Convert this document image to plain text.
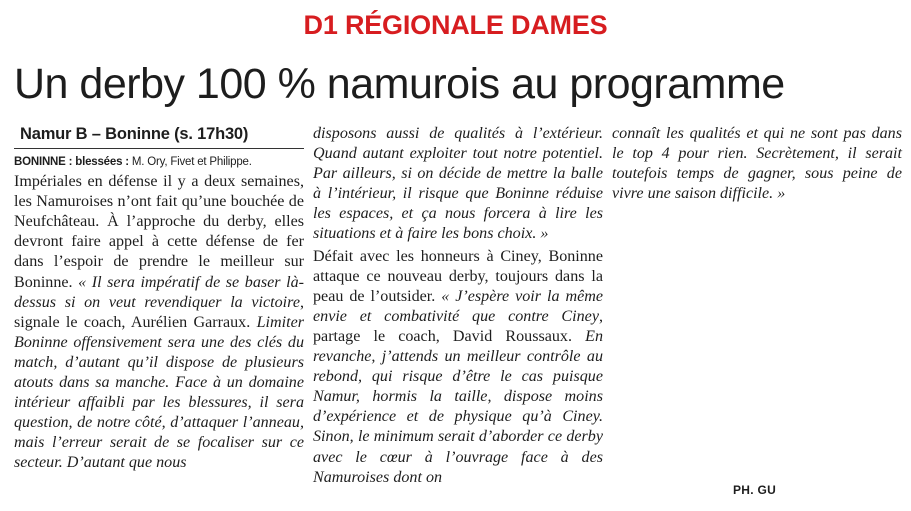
D1 RÉGIONALE DAMES
Un derby 100 % namurois au programme
Namur B – Boninne (s. 17h30)
BONINNE : blessées : M. Ory, Fivet et Philippe.

Impériales en défense il y a deux semaines, les Namuroises n’ont fait qu’une bouchée de Neufchâteau. À l’approche du derby, elles devront faire appel à cette défense de fer dans l’espoir de prendre le meilleur sur Boninne. « Il sera impératif de se baser là-dessus si on veut revendiquer la victoire, signale le coach, Aurélien Garraux. Limiter Boninne offensivement sera une des clés du match, d’autant qu’il dispose de plusieurs atouts dans sa manche. Face à un domaine intérieur affaibli par les blessures, il sera question, de notre côté, d’attaquer l’anneau, mais l’erreur serait de se focaliser sur ce secteur. D’autant que nous

disposons aussi de qualités à l’extérieur. Quand autant exploiter tout notre potentiel. Par ailleurs, si on décide de mettre la balle à l’intérieur, il risque que Boninne réduise les espaces, et ça nous forcera à lire les situations et à faire les bons choix. »

Défait avec les honneurs à Ciney, Boninne attaque ce nouveau derby, toujours dans la peau de l’outsider. « J’espère voir la même envie et combativité que contre Ciney, partage le coach, David Roussaux. En revanche, j’attends un meilleur contrôle au rebond, qui risque d’être le cas puisque Namur, hormis la taille, dispose moins d’expérience et de physique qu’à Ciney. Sinon, le minimum serait d’aborder ce derby avec le cœur à l’ouvrage face à des Namuroises dont on

connaît les qualités et qui ne sont pas dans le top 4 pour rien. Secrètement, il serait toutefois temps de gagner, sous peine de vivre une saison difficile. »

PH. GU
